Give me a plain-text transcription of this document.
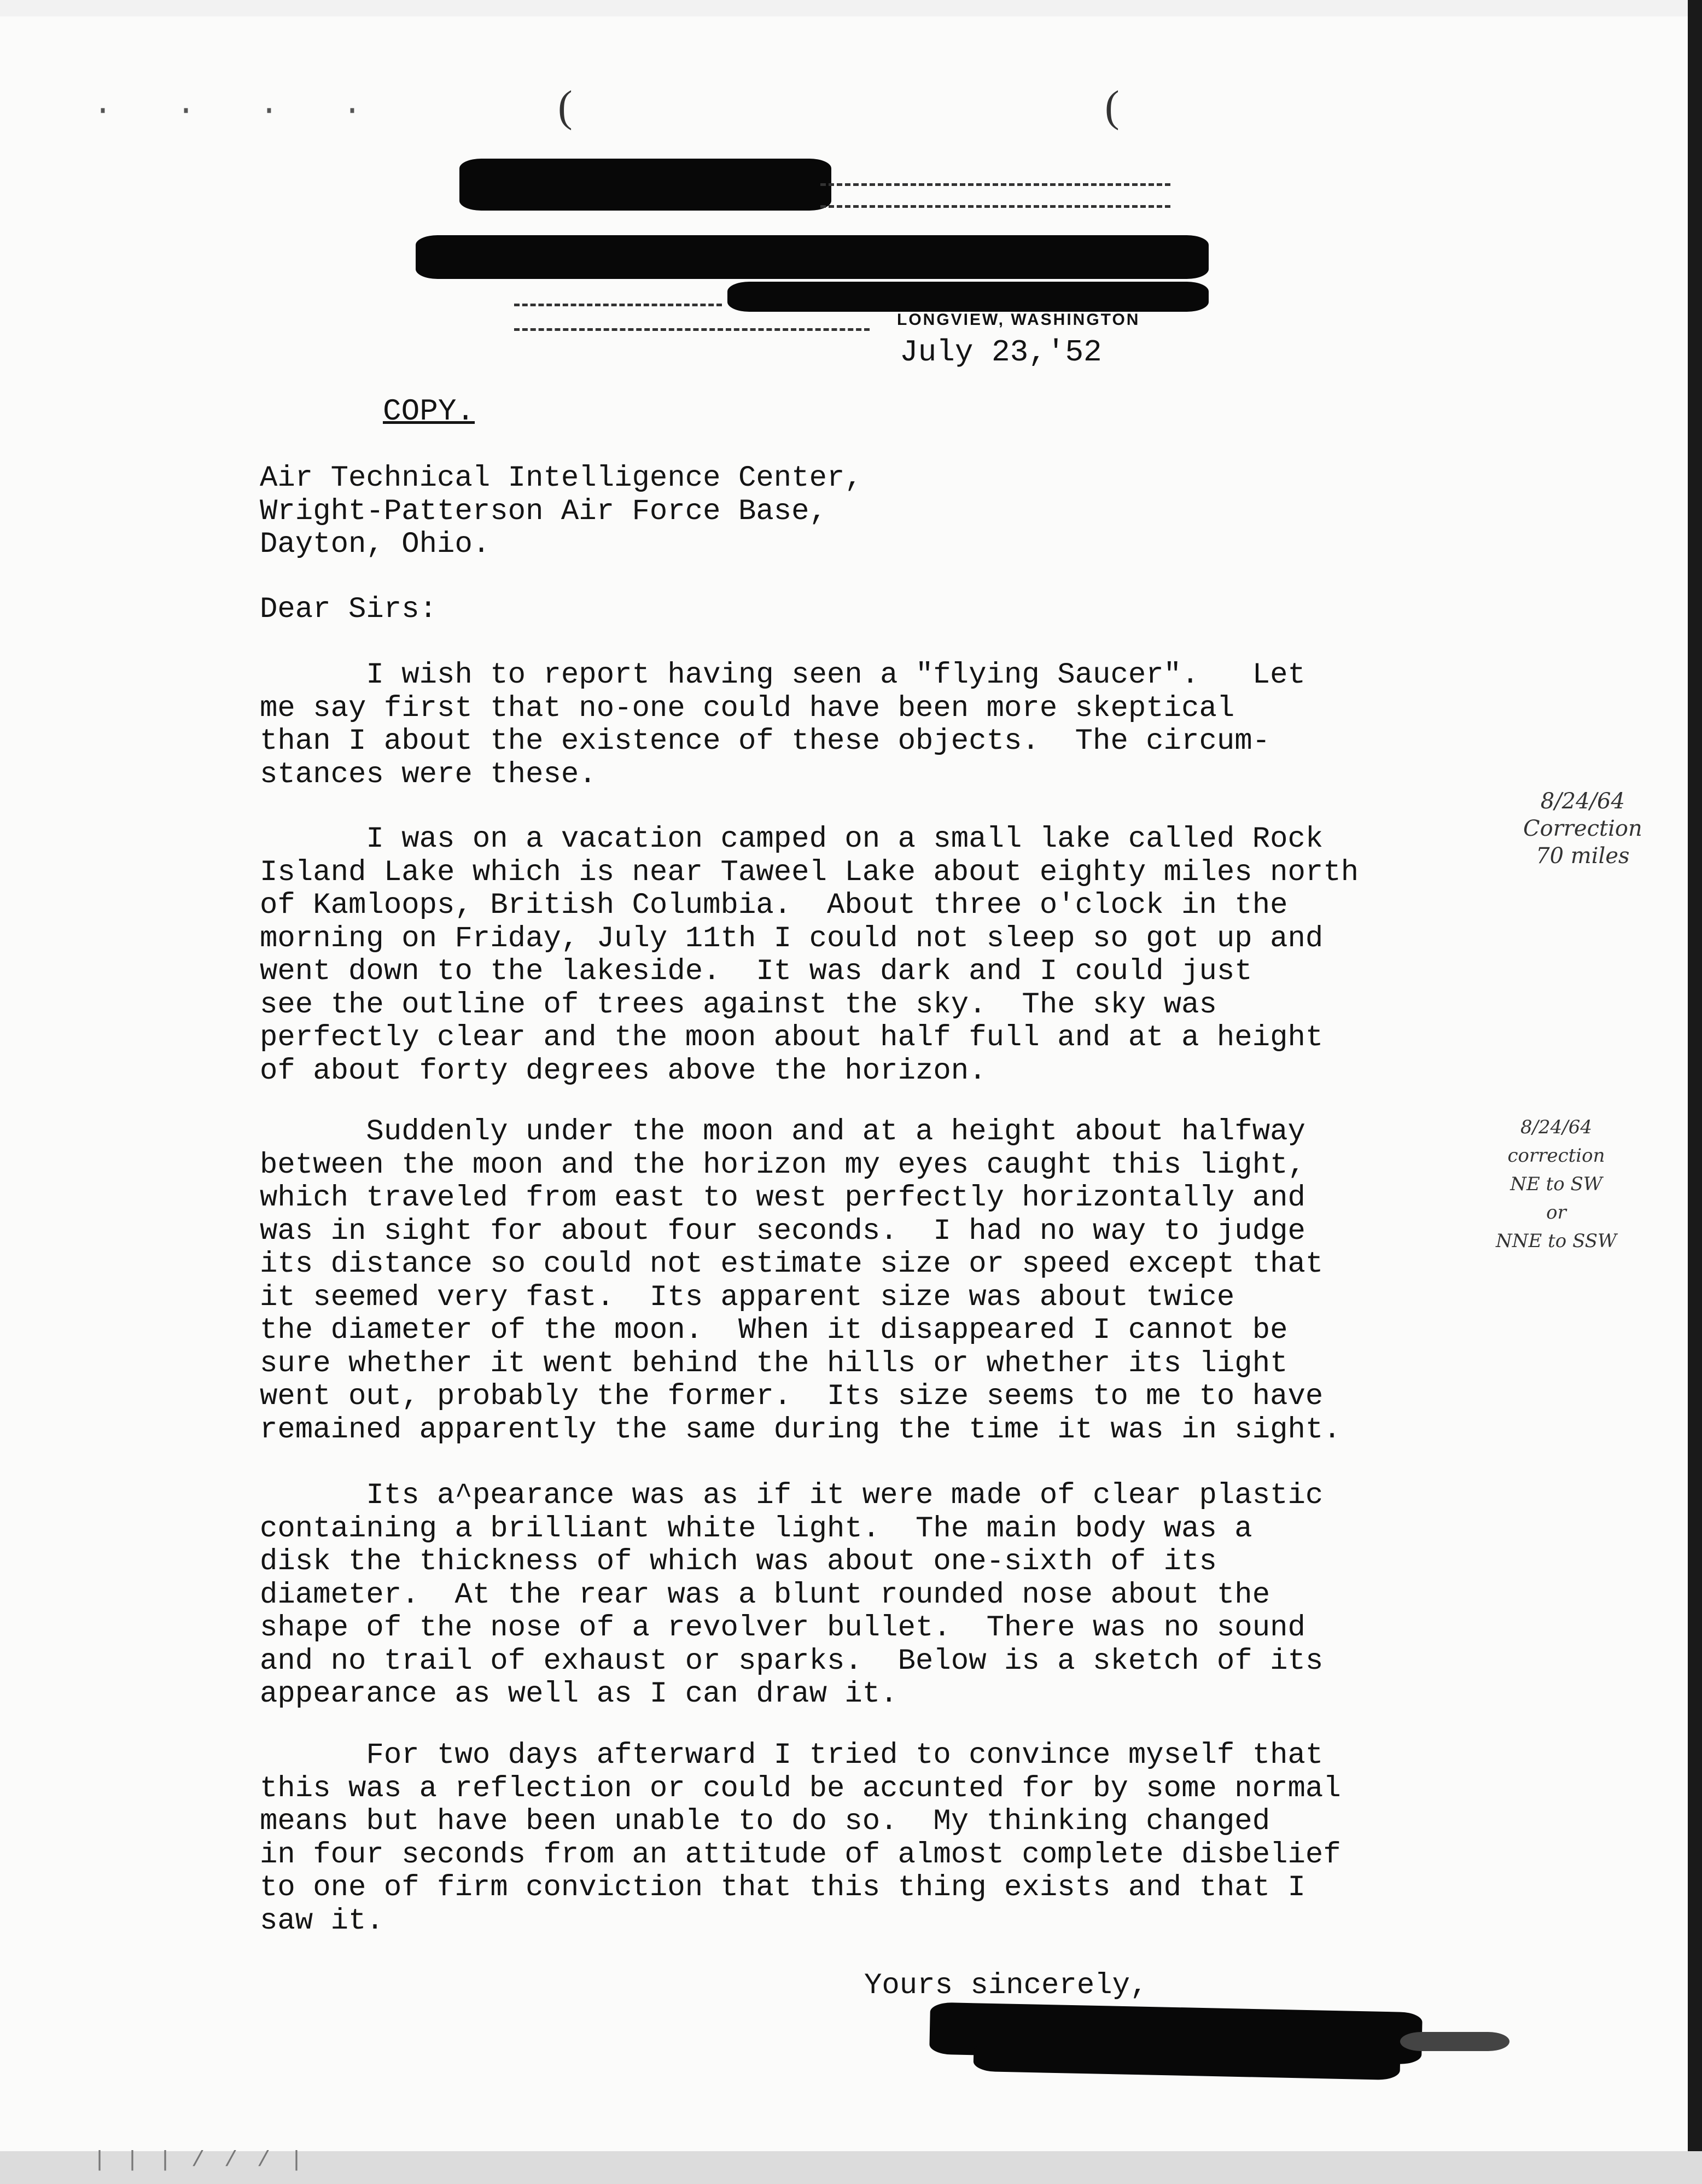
· · · ·	(	(
LONGVIEW, WASHINGTON
July 23,'52
COPY.
Air Technical Intelligence Center,
Wright-Patterson Air Force Base,
Dayton, Ohio.
Dear Sirs:
I wish to report having seen a "flying Saucer".   Let
me say first that no-one could have been more skeptical
than I about the existence of these objects.  The circum-
stances were these.
I was on a vacation camped on a small lake called Rock
Island Lake which is near Taweel Lake about eighty miles north
of Kamloops, British Columbia.  About three o'clock in the
morning on Friday, July 11th I could not sleep so got up and
went down to the lakeside.  It was dark and I could just
see the outline of trees against the sky.  The sky was
perfectly clear and the moon about half full and at a height
of about forty degrees above the horizon.
Suddenly under the moon and at a height about halfway
between the moon and the horizon my eyes caught this light,
which traveled from east to west perfectly horizontally and
was in sight for about four seconds.  I had no way to judge
its distance so could not estimate size or speed except that
it seemed very fast.  Its apparent size was about twice
the diameter of the moon.  When it disappeared I cannot be
sure whether it went behind the hills or whether its light
went out, probably the former.  Its size seems to me to have
remained apparently the same during the time it was in sight.
Its a^pearance was as if it were made of clear plastic
containing a brilliant white light.  The main body was a
disk the thickness of which was about one-sixth of its
diameter.  At the rear was a blunt rounded nose about the
shape of the nose of a revolver bullet.  There was no sound
and no trail of exhaust or sparks.  Below is a sketch of its
appearance as well as I can draw it.
For two days afterward I tried to convince myself that
this was a reflection or could be accunted for by some normal
means but have been unable to do so.  My thinking changed
in four seconds from an attitude of almost complete disbelief
to one of firm conviction that this thing exists and that I
saw it.
Yours sincerely,
8/24/64
Correction
70 miles
8/24/64
correction
NE to SW
or
NNE to SSW
| | | / / / |
